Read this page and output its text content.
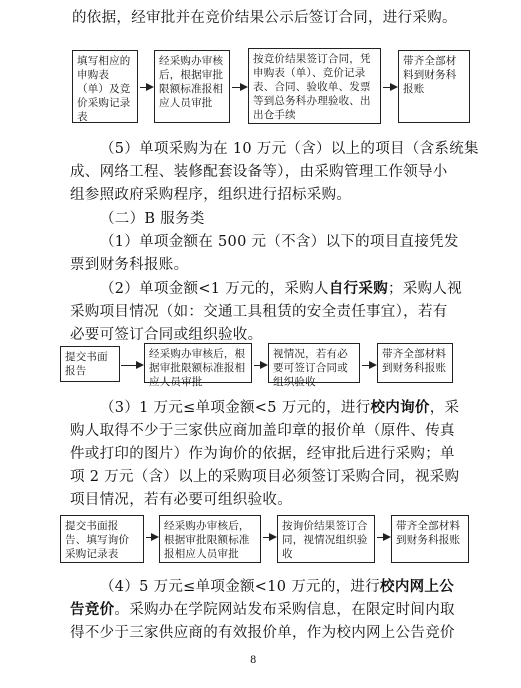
的依据，经审批并在竞价结果公示后签订合同，进行采购。
填写相应的申购表（单）及竞价采购记录表
经采购办审核后，根据审批限额标准报相应人员审批
按竞价结果签订合同，凭申购表（单）、竞价记录表、合同、验收单、发票等到总务科办理验收、出出仓手续
带齐全部材料到财务科报账
（5）单项采购为在 10 万元（含）以上的项目（含系统集
成、网络工程、装修配套设备等），由采购管理工作领导小
组参照政府采购程序，组织进行招标采购。
（二）B 服务类
（1）单项金额在 500 元（不含）以下的项目直接凭发
票到财务科报账。
（2）单项金额<1 万元的，采购人自行采购；采购人视
采购项目情况（如：交通工具租赁的安全责任事宜），若有
必要可签订合同或组织验收。
提交书面报告
经采购办审核后，根据审批限额标准报相应人员审批
视情况，若有必要可签订合同或组织验收
带齐全部材料到财务科报账
（3）1 万元≤单项金额<5 万元的，进行校内询价，采
购人取得不少于三家供应商加盖印章的报价单（原件、传真
件或打印的图片）作为询价的依据，经审批后进行采购；单
项 2 万元（含）以上的采购项目必须签订采购合同，视采购
项目情况，若有必要可组织验收。
提交书面报告、填写询价采购记录表
经采购办审核后，根据审批限额标准报相应人员审批
按询价结果签订合同，视情况组织验收
带齐全部材料到财务科报账
（4）5 万元≤单项金额<10 万元的，进行校内网上公
告竞价。采购办在学院网站发布采购信息，在限定时间内取
得不少于三家供应商的有效报价单，作为校内网上公告竞价
8
